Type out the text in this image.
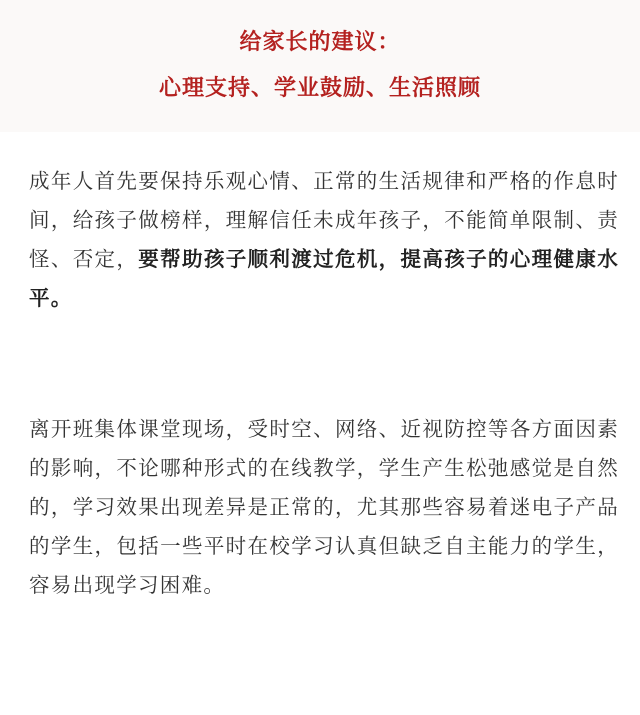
给家长的建议：
心理支持、学业鼓励、生活照顾

成年人首先要保持乐观心情、正常的生活规律和严格的作息时间，给孩子做榜样，理解信任未成年孩子，不能简单限制、责怪、否定，要帮助孩子顺利渡过危机，提高孩子的心理健康水平。

离开班集体课堂现场，受时空、网络、近视防控等各方面因素的影响，不论哪种形式的在线教学，学生产生松弛感觉是自然的，学习效果出现差异是正常的，尤其那些容易着迷电子产品的学生，包括一些平时在校学习认真但缺乏自主能力的学生，容易出现学习困难。
